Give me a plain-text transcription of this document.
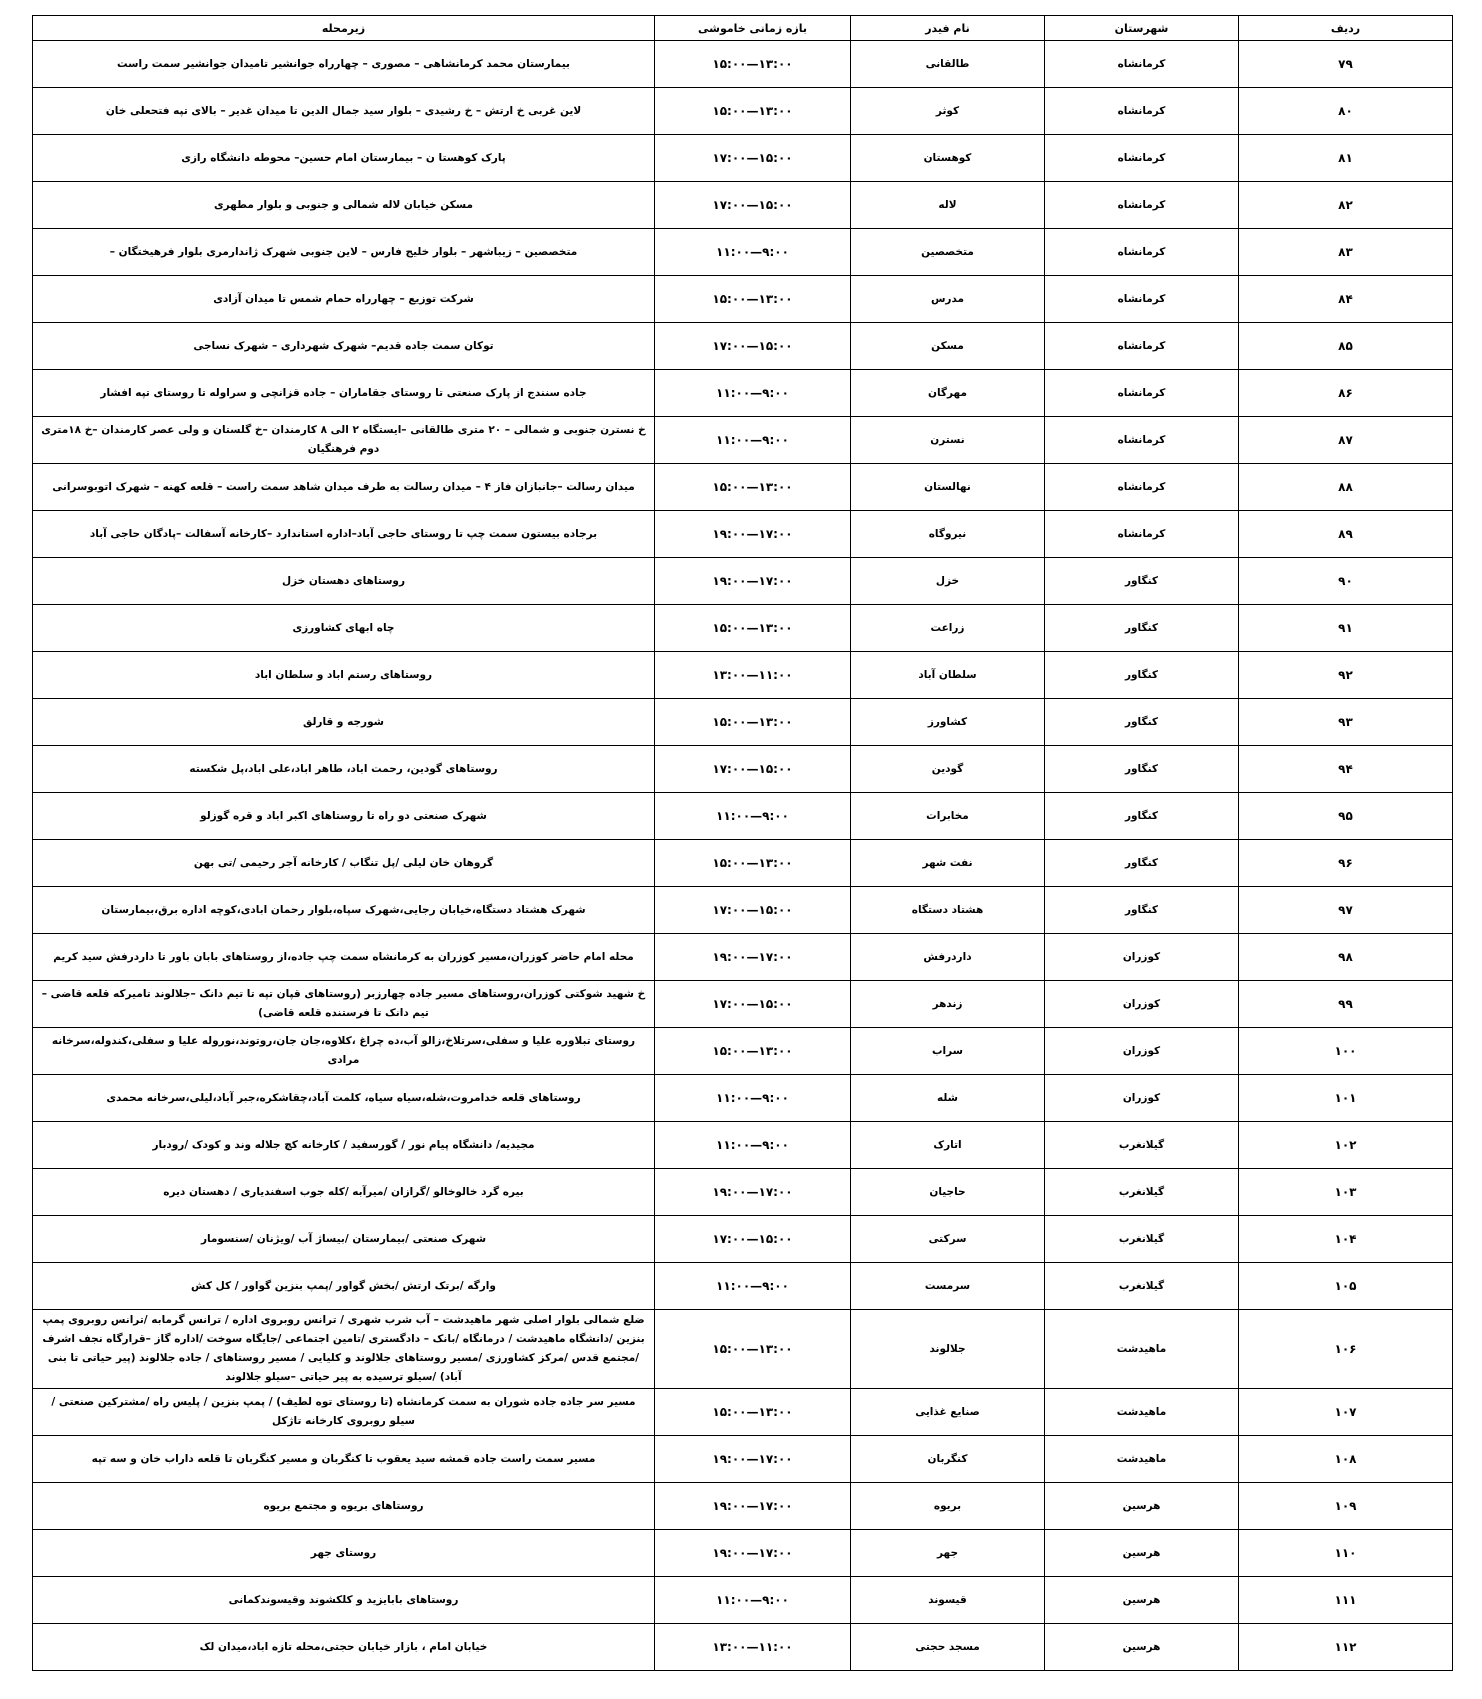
ردیف	شهرستان	نام فیدر	بازه زمانی خاموشی	زیرمحله
۷۹	کرمانشاه	طالقانی	۱۳:۰۰—۱۵:۰۰	بیمارستان محمد کرمانشاهی – مصوری – چهارراه جوانشیر تامیدان جوانشیر سمت راست
۸۰	کرمانشاه	کوثر	۱۳:۰۰—۱۵:۰۰	لاین غربی خ ارتش – خ رشیدی – بلوار سید جمال الدین تا میدان غدیر – بالای تپه فتحعلی خان
۸۱	کرمانشاه	کوهستان	۱۵:۰۰—۱۷:۰۰	پارک کوهستا ن – بیمارستان امام حسین– محوطه دانشگاه رازی
۸۲	کرمانشاه	لاله	۱۵:۰۰—۱۷:۰۰	مسکن خیابان لاله شمالی و جنوبی و بلوار مطهری
۸۳	کرمانشاه	متخصصین	۹:۰۰—۱۱:۰۰	متخصصین – زیباشهر – بلوار خلیج فارس – لاین جنوبی شهرک ژاندارمری بلوار فرهیختگان –
۸۴	کرمانشاه	مدرس	۱۳:۰۰—۱۵:۰۰	شرکت توزیع – چهارراه حمام شمس تا میدان آزادی
۸۵	کرمانشاه	مسکن	۱۵:۰۰—۱۷:۰۰	توکان سمت جاده قدیم– شهرک شهرداری – شهرک نساجی
۸۶	کرمانشاه	مهرگان	۹:۰۰—۱۱:۰۰	جاده سنندج از پارک صنعتی تا روستای جقاماران – جاده قزانچی و سراوله تا روستای تپه افشار
۸۷	کرمانشاه	نسترن	۹:۰۰—۱۱:۰۰	خ نسترن جنوبی و شمالی – ۲۰ متری طالقانی –ایستگاه ۲ الی ۸ کارمندان –خ گلستان و ولی عصر کارمندان –خ ۱۸متری دوم فرهنگیان
۸۸	کرمانشاه	نهالستان	۱۳:۰۰—۱۵:۰۰	میدان رسالت –جانبازان فاز ۴ – میدان رسالت به طرف میدان شاهد سمت راست – قلعه کهنه – شهرک اتوبوسرانی
۸۹	کرمانشاه	نیروگاه	۱۷:۰۰—۱۹:۰۰	برجاده بیستون سمت چپ تا روستای حاجی آباد–اداره استاندارد –کارخانه آسفالت –پادگان حاجی آباد
۹۰	کنگاور	خزل	۱۷:۰۰—۱۹:۰۰	روستاهای دهستان خزل
۹۱	کنگاور	زراعت	۱۳:۰۰—۱۵:۰۰	چاه ابهای کشاورزی
۹۲	کنگاور	سلطان آباد	۱۱:۰۰—۱۳:۰۰	روستاهای رستم اباد و سلطان اباد
۹۳	کنگاور	کشاورز	۱۳:۰۰—۱۵:۰۰	شورجه و قارلق
۹۴	کنگاور	گودین	۱۵:۰۰—۱۷:۰۰	روستاهای گودین، رحمت اباد، طاهر اباد،علی اباد،پل شکسته
۹۵	کنگاور	مخابرات	۹:۰۰—۱۱:۰۰	شهرک صنعتی دو راه تا روستاهای اکبر اباد و قره گوزلو
۹۶	کنگاور	نفت شهر	۱۳:۰۰—۱۵:۰۰	گروهان خان لیلی /پل تنگاب / کارخانه آجر رحیمی /تی بهن
۹۷	کنگاور	هشتاد دستگاه	۱۵:۰۰—۱۷:۰۰	شهرک هشتاد دستگاه،خیابان رجایی،شهرک سپاه،بلوار رحمان ابادی،کوچه اداره برق،بیمارستان
۹۸	کوزران	داردرفش	۱۷:۰۰—۱۹:۰۰	محله امام حاضر کوزران،مسیر کوزران به کرمانشاه سمت چپ جاده،از روستاهای بابان باور تا داردرفش سید کریم
۹۹	کوزران	زندهر	۱۵:۰۰—۱۷:۰۰	خ شهید شوکتی کوزران،روستاهای مسیر جاده چهارزبر (روستاهای قپان تپه تا تیم دانک –جلالوند تامیرکه قلعه قاضی –تیم دانک تا فرستنده قلعه قاضی)
۱۰۰	کوزران	سراب	۱۳:۰۰—۱۵:۰۰	روستای تبلاوره علیا و سفلی،سرتلاخ،زالو آب،ده چراغ ،کلاوه،جان جان،روتوند،نوروله علیا و سفلی،کندوله،سرخانه مرادی
۱۰۱	کوزران	شله	۹:۰۰—۱۱:۰۰	روستاهای قلعه خدامروت،شله،سیاه سیاه، کلمت آباد،چقاشکره،جبر آباد،لیلی،سرخانه محمدی
۱۰۲	گیلانغرب	اتارک	۹:۰۰—۱۱:۰۰	مجیدیه/ دانشگاه پیام نور / گورسفید / کارخانه کچ جلاله وند و کودک /رودبار
۱۰۳	گیلانغرب	حاجیان	۱۷:۰۰—۱۹:۰۰	بیره گرد خالوخالو /گرازان /میرآبه /کله جوب اسفندیاری / دهستان دیره
۱۰۴	گیلانغرب	سرکتی	۱۵:۰۰—۱۷:۰۰	شهرک صنعتی /بیمارستان /بیساژ آب /ویژنان /سنسومار
۱۰۵	گیلانغرب	سرمست	۹:۰۰—۱۱:۰۰	وارگه /برتک ارتش /بخش گواور /پمپ بنزین گواور / کل کش
۱۰۶	ماهیدشت	جلالوند	۱۳:۰۰—۱۵:۰۰	ضلع شمالی بلوار اصلی شهر ماهیدشت – آب شرب شهری / ترانس روبروی اداره / ترانس گرمابه /ترانس روبروی پمپ بنزین /دانشگاه ماهیدشت / درمانگاه /بانک – دادگستری /تامین اجتماعی /جایگاه سوخت /اداره گاز –قرارگاه نجف اشرف /مجتمع قدس /مرکز کشاورزی /مسیر روستاهای جلالوند و کلیایی / مسیر روستاهای / جاده جلالوند (پیر حیاتی تا بنی آباد) /سیلو ترسیده به پیر حیاتی –سیلو جلالوند
۱۰۷	ماهیدشت	صنایع غذایی	۱۳:۰۰—۱۵:۰۰	مسیر سر جاده جاده شوران به سمت کرمانشاه (تا روستای توه لطیف) / پمپ بنزین / پلیس راه /مشترکین صنعتی /سیلو روبروی کارخانه تاژکل
۱۰۸	ماهیدشت	کنگربان	۱۷:۰۰—۱۹:۰۰	مسیر سمت راست جاده قمشه سید یعقوب تا کنگربان و مسیر کنگربان تا قلعه داراب خان و سه تپه
۱۰۹	هرسین	بریوه	۱۷:۰۰—۱۹:۰۰	روستاهای بریوه و مجتمع بریوه
۱۱۰	هرسین	جهر	۱۷:۰۰—۱۹:۰۰	روستای جهر
۱۱۱	هرسین	قیسوند	۹:۰۰—۱۱:۰۰	روستاهای بابایزید و کلکشوند وقیسوندکمانی
۱۱۲	هرسین	مسجد حجتی	۱۱:۰۰—۱۳:۰۰	خیابان امام ، بازار خیابان حجتی،محله تازه اباد،میدان لک
